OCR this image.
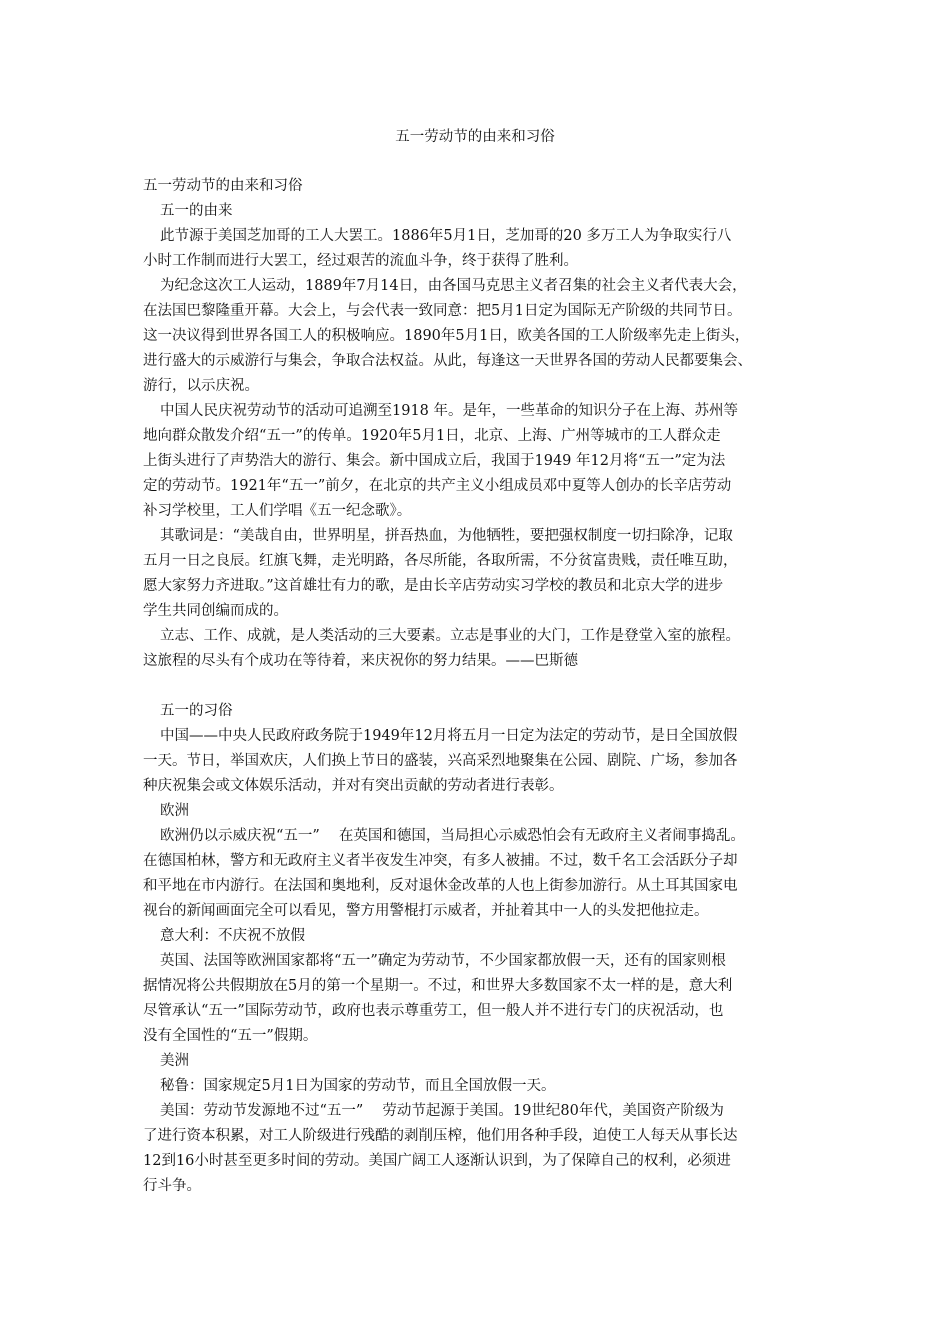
五一劳动节的由来和习俗
五一劳动节的由来和习俗
五一的由来
此节源于美国芝加哥的工人大罢工。1886年5月1日，芝加哥的20 多万工人为争取实行八
小时工作制而进行大罢工，经过艰苦的流血斗争，终于获得了胜利。
为纪念这次工人运动，1889年7月14日，由各国马克思主义者召集的社会主义者代表大会，
在法国巴黎隆重开幕。大会上，与会代表一致同意：把5月1日定为国际无产阶级的共同节日。
这一决议得到世界各国工人的积极响应。1890年5月1日，欧美各国的工人阶级率先走上街头，
进行盛大的示威游行与集会，争取合法权益。从此，每逢这一天世界各国的劳动人民都要集会、
游行，以示庆祝。
中国人民庆祝劳动节的活动可追溯至1918 年。是年，一些革命的知识分子在上海、苏州等
地向群众散发介绍“五一”的传单。1920年5月1日，北京、上海、广州等城市的工人群众走
上街头进行了声势浩大的游行、集会。新中国成立后，我国于1949 年12月将“五一”定为法
定的劳动节。1921年“五一”前夕，在北京的共产主义小组成员邓中夏等人创办的长辛店劳动
补习学校里，工人们学唱《五一纪念歌》。
其歌词是：“美哉自由，世界明星，拼吾热血，为他牺牲，要把强权制度一切扫除净，记取
五月一日之良辰。红旗飞舞，走光明路，各尽所能，各取所需，不分贫富贵贱，责任唯互助，
愿大家努力齐进取。”这首雄壮有力的歌，是由长辛店劳动实习学校的教员和北京大学的进步
学生共同创编而成的。
立志、工作、成就，是人类活动的三大要素。立志是事业的大门，工作是登堂入室的旅程。
这旅程的尽头有个成功在等待着，来庆祝你的努力结果。——巴斯德
五一的习俗
中国——中央人民政府政务院于1949年12月将五月一日定为法定的劳动节，是日全国放假
一天。节日，举国欢庆，人们换上节日的盛装，兴高采烈地聚集在公园、剧院、广场，参加各
种庆祝集会或文体娱乐活动，并对有突出贡献的劳动者进行表彰。
欧洲
欧洲仍以示威庆祝“五一”　 在英国和德国，当局担心示威恐怕会有无政府主义者闹事捣乱。
在德国柏林，警方和无政府主义者半夜发生冲突，有多人被捕。不过，数千名工会活跃分子却
和平地在市内游行。在法国和奥地利，反对退休金改革的人也上街参加游行。从土耳其国家电
视台的新闻画面完全可以看见，警方用警棍打示威者，并扯着其中一人的头发把他拉走。
意大利：不庆祝不放假
英国、法国等欧洲国家都将“五一”确定为劳动节，不少国家都放假一天，还有的国家则根
据情况将公共假期放在5月的第一个星期一。不过，和世界大多数国家不太一样的是，意大利
尽管承认“五一”国际劳动节，政府也表示尊重劳工，但一般人并不进行专门的庆祝活动，也
没有全国性的“五一”假期。
美洲
秘鲁：国家规定5月1日为国家的劳动节，而且全国放假一天。
美国：劳动节发源地不过“五一”　 劳动节起源于美国。19世纪80年代，美国资产阶级为
了进行资本积累，对工人阶级进行残酷的剥削压榨，他们用各种手段，迫使工人每天从事长达
12到16小时甚至更多时间的劳动。美国广阔工人逐渐认识到，为了保障自己的权利，必须进
行斗争。
